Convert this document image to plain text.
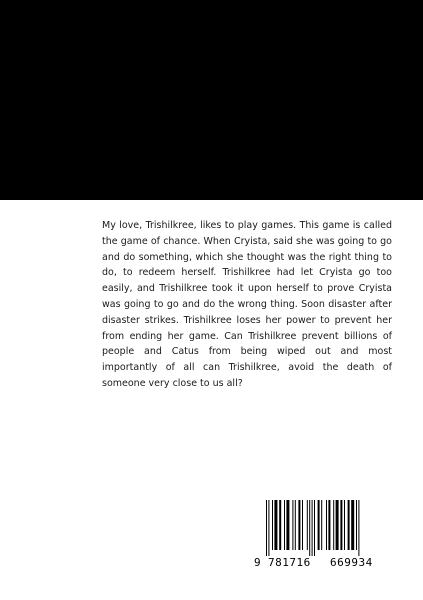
My love, Trishilkree, likes to play games. This game is called the game of chance. When Cryista, said she was going to go and do something, which she thought was the right thing to do, to redeem herself. Trishilkree had let Cryista go too easily, and Trishilkree took it upon herself to prove Cryista was going to go and do the wrong thing. Soon disaster after disaster strikes. Trishilkree loses her power to prevent her from ending her game. Can Trishilkree prevent billions of people and Catus from being wiped out and most importantly of all can Trishilkree, avoid the death of someone very close to us all?

9 781716 669934
